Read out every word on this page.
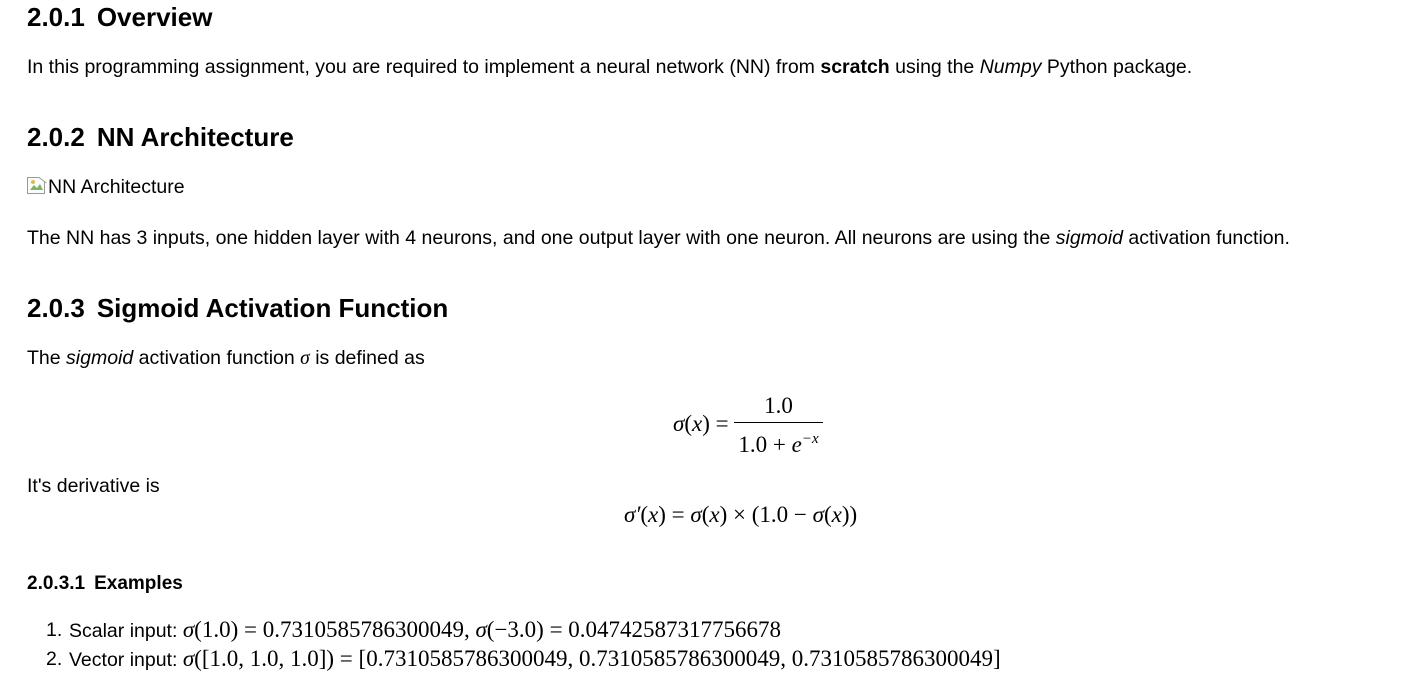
2.0.1 Overview

In this programming assignment, you are required to implement a neural network (NN) from scratch using the Numpy Python package.

2.0.2 NN Architecture

NN Architecture

The NN has 3 inputs, one hidden layer with 4 neurons, and one output layer with one neuron. All neurons are using the sigmoid activation function.

2.0.3 Sigmoid Activation Function

The sigmoid activation function σ is defined as

$\sigma(x) = \frac{1.0}{1.0 + e^{-x}}$

It's derivative is

σ′(x) = σ(x) × (1.0 − σ(x))
2.0.3.1 Examples
1. Scalar input: σ(1.0) = 0.7310585786300049, σ(−3.0) = 0.04742587317756678
2. Vector input: σ([1.0, 1.0, 1.0]) = [0.7310585786300049, 0.7310585786300049, 0.7310585786300049]
